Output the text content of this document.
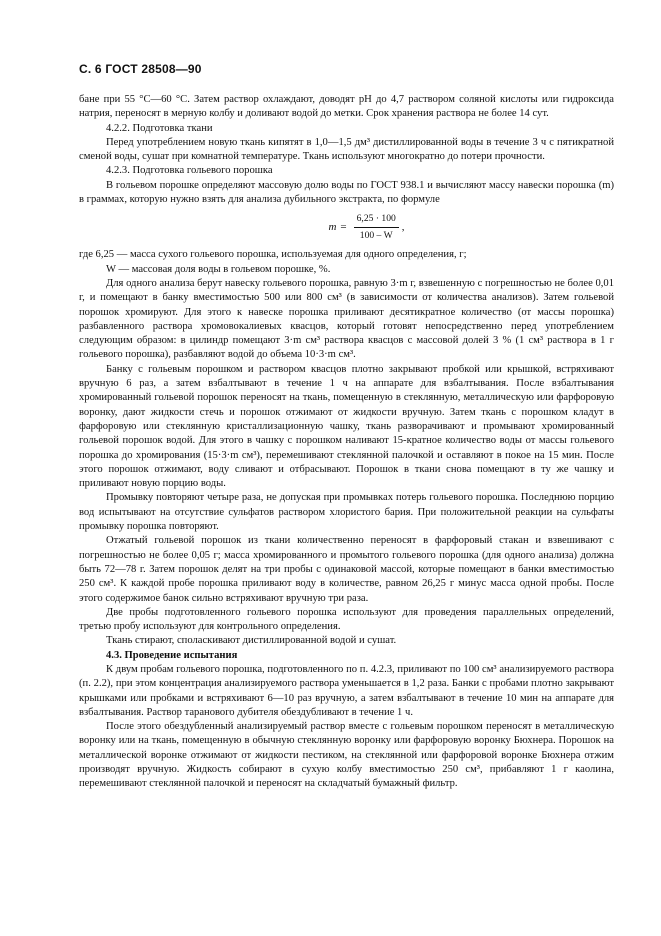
С. 6 ГОСТ 28508—90

бане при 55 °С—60 °С. Затем раствор охлаждают, доводят рН до 4,7 раствором соляной кислоты или гидроксида натрия, переносят в мерную колбу и доливают водой до метки. Срок хранения раствора не более 14 сут.

4.2.2. Подготовка ткани

Перед употреблением новую ткань кипятят в 1,0—1,5 дм³ дистиллированной воды в течение 3 ч с пятикратной сменой воды, сушат при комнатной температуре. Ткань используют многократно до потери прочности.

4.2.3. Подготовка гольевого порошка

В гольевом порошке определяют массовую долю воды по ГОСТ 938.1 и вычисляют массу навески порошка (m) в граммах, которую нужно взять для анализа дубильного экстракта, по формуле

$m = \frac{6,25 \cdot 100}{100 - W}$ ,

где 6,25 — масса сухого гольевого порошка, используемая для одного определения, г;

W — массовая доля воды в гольевом порошке, %.

Для одного анализа берут навеску гольевого порошка, равную 3·m г, взвешенную с погрешностью не более 0,01 г, и помещают в банку вместимостью 500 или 800 см³ (в зависимости от количества анализов). Затем гольевой порошок хромируют. Для этого к навеске порошка приливают десятикратное количество (от массы порошка) разбавленного раствора хромовокалиевых квасцов, который готовят непосредственно перед употреблением следующим образом: в цилиндр помещают 3·m см³ раствора квасцов с массовой долей 3 % (1 см³ раствора в 1 г гольевого порошка), разбавляют водой до объема 10·3·m см³.

Банку с гольевым порошком и раствором квасцов плотно закрывают пробкой или крышкой, встряхивают вручную 6 раз, а затем взбалтывают в течение 1 ч на аппарате для взбалтывания. После взбалтывания хромированный гольевой порошок переносят на ткань, помещенную в стеклянную, металлическую или фарфоровую воронку, дают жидкости стечь и порошок отжимают от жидкости вручную. Затем ткань с порошком кладут в фарфоровую или стеклянную кристаллизационную чашку, ткань разворачивают и промывают хромированный гольевой порошок водой. Для этого в чашку с порошком наливают 15-кратное количество воды от массы гольевого порошка до хромирования (15·3·m см³), перемешивают стеклянной палочкой и оставляют в покое на 15 мин. После этого порошок отжимают, воду сливают и отбрасывают. Порошок в ткани снова помещают в ту же чашку и приливают новую порцию воды.

Промывку повторяют четыре раза, не допуская при промывках потерь гольевого порошка. Последнюю порцию вод испытывают на отсутствие сульфатов раствором хлористого бария. При положительной реакции на сульфаты промывку порошка повторяют.

Отжатый гольевой порошок из ткани количественно переносят в фарфоровый стакан и взвешивают с погрешностью не более 0,05 г; масса хромированного и промытого гольевого порошка (для одного анализа) должна быть 72—78 г. Затем порошок делят на три пробы с одинаковой массой, которые помещают в банки вместимостью 250 см³. К каждой пробе порошка приливают воду в количестве, равном 26,25 г минус масса одной пробы. После этого содержимое банок сильно встряхивают вручную три раза.

Две пробы подготовленного гольевого порошка используют для проведения параллельных определений, третью пробу используют для контрольного определения.

Ткань стирают, споласкивают дистиллированной водой и сушат.

4.3. Проведение испытания

К двум пробам гольевого порошка, подготовленного по п. 4.2.3, приливают по 100 см³ анализируемого раствора (п. 2.2), при этом концентрация анализируемого раствора уменьшается в 1,2 раза. Банки с пробами плотно закрывают крышками или пробками и встряхивают 6—10 раз вручную, а затем взбалтывают в течение 10 мин на аппарате для взбалтывания. Раствор таранового дубителя обездубливают в течение 1 ч.

После этого обездубленный анализируемый раствор вместе с гольевым порошком переносят в металлическую воронку или на ткань, помещенную в обычную стеклянную воронку или фарфоровую воронку Бюхнера. Порошок на металлической воронке отжимают от жидкости пестиком, на стеклянной или фарфоровой воронке Бюхнера отжим производят вручную. Жидкость собирают в сухую колбу вместимостью 250 см³, прибавляют 1 г каолина, перемешивают стеклянной палочкой и переносят на складчатый бумажный фильтр.
